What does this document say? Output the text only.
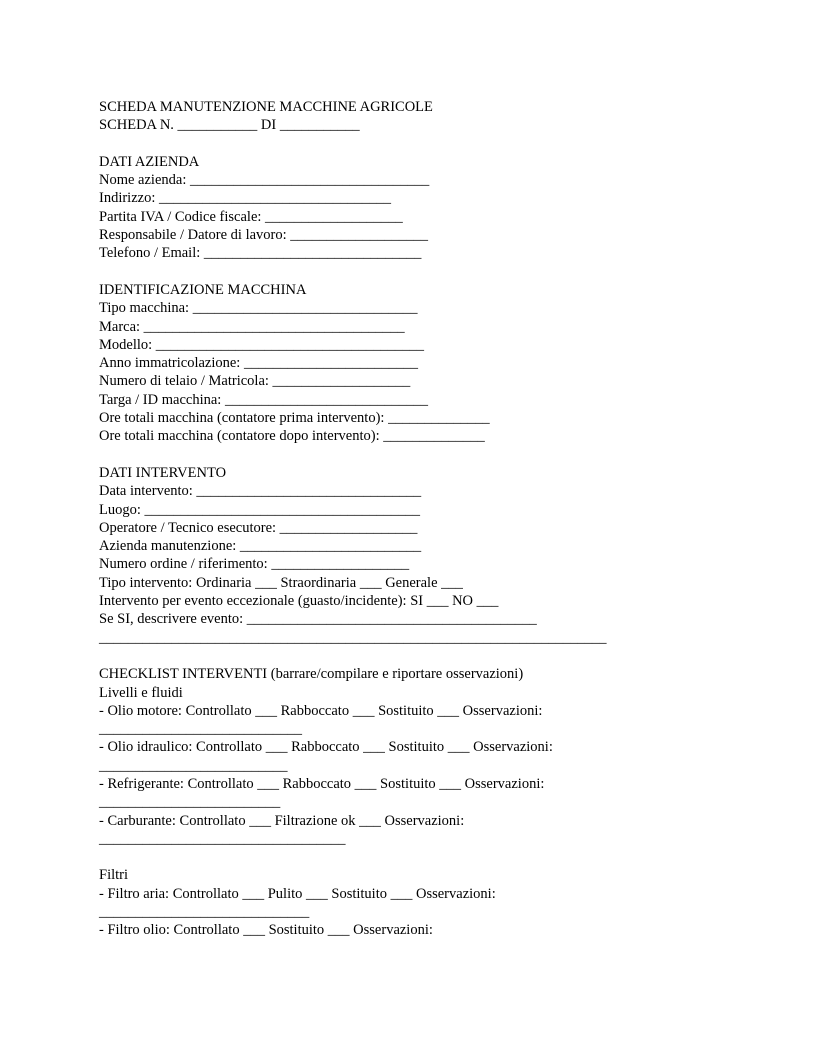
SCHEDA MANUTENZIONE MACCHINE AGRICOLE
SCHEDA N. ___________ DI ___________
DATI AZIENDA
Nome azienda: _________________________________
Indirizzo: ________________________________
Partita IVA / Codice fiscale: ___________________
Responsabile / Datore di lavoro: ___________________
Telefono / Email: ______________________________
IDENTIFICAZIONE MACCHINA
Tipo macchina: _______________________________
Marca: ____________________________________
Modello: _____________________________________
Anno immatricolazione: ________________________
Numero di telaio / Matricola: ___________________
Targa / ID macchina: ____________________________
Ore totali macchina (contatore prima intervento): ______________
Ore totali macchina (contatore dopo intervento): ______________
DATI INTERVENTO
Data intervento: _______________________________
Luogo: ______________________________________
Operatore / Tecnico esecutore: ___________________
Azienda manutenzione: _________________________
Numero ordine / riferimento: ___________________
Tipo intervento: Ordinaria ___ Straordinaria ___ Generale ___
Intervento per evento eccezionale (guasto/incidente): SI ___ NO ___
Se SI, descrivere evento: ________________________________________
______________________________________________________________________
CHECKLIST INTERVENTI (barrare/compilare e riportare osservazioni)
Livelli e fluidi
- Olio motore: Controllato ___ Rabboccato ___ Sostituito ___ Osservazioni:
____________________________
- Olio idraulico: Controllato ___ Rabboccato ___ Sostituito ___ Osservazioni:
__________________________
- Refrigerante: Controllato ___ Rabboccato ___ Sostituito ___ Osservazioni:
_________________________
- Carburante: Controllato ___ Filtrazione ok ___ Osservazioni:
__________________________________
Filtri
- Filtro aria: Controllato ___ Pulito ___ Sostituito ___ Osservazioni:
_____________________________
- Filtro olio: Controllato ___ Sostituito ___ Osservazioni:
